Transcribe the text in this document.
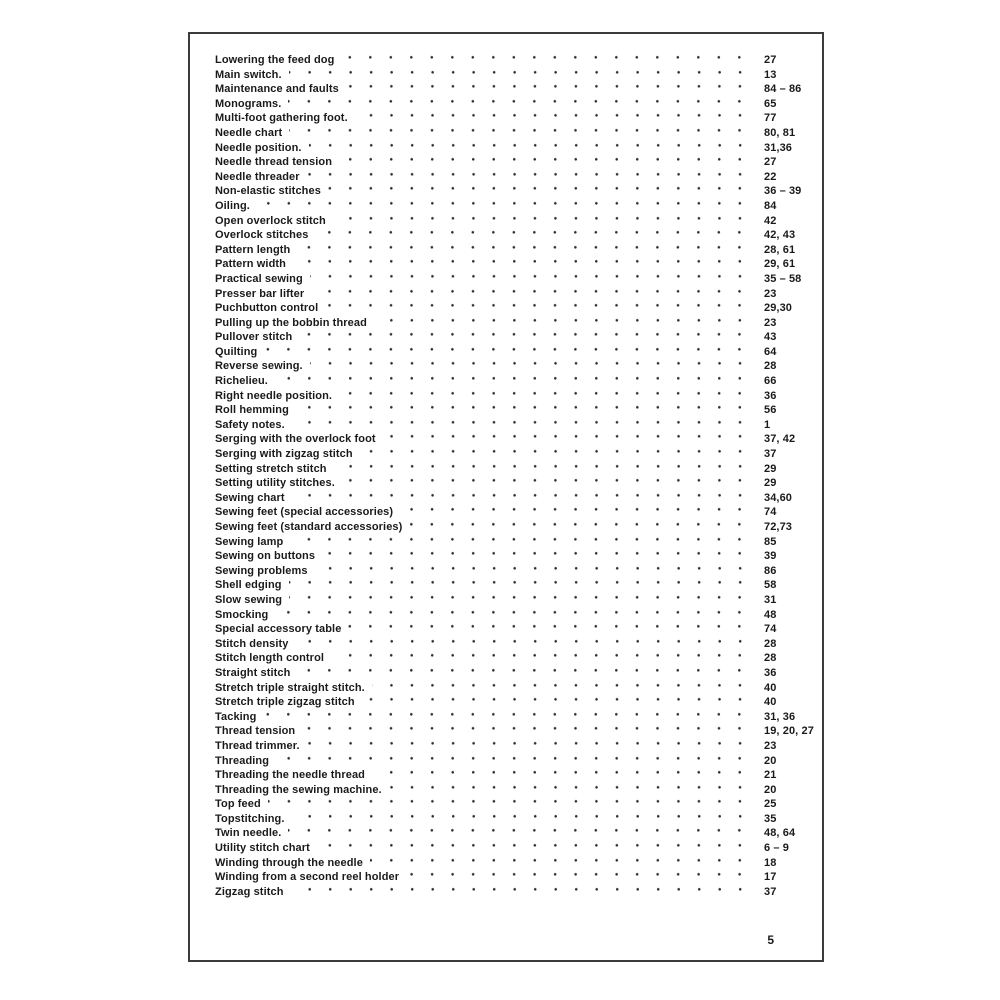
Lowering the feed dog	27
Main switch.	13
Maintenance and faults	84 – 86
Monograms.	65
Multi-foot gathering foot.	77
Needle chart	80, 81
Needle position.	31,36
Needle thread tension	27
Needle threader	22
Non-elastic stitches	36 – 39
Oiling.	84
Open overlock stitch	42
Overlock stitches	42, 43
Pattern length	28, 61
Pattern width	29, 61
Practical sewing	35 – 58
Presser bar lifter	23
Puchbutton control	29,30
Pulling up the bobbin thread	23
Pullover stitch	43
Quilting	64
Reverse sewing.	28
Richelieu.	66
Right needle position.	36
Roll hemming	56
Safety notes.	1
Serging with the overlock foot	37, 42
Serging with zigzag stitch	37
Setting stretch stitch	29
Setting utility stitches.	29
Sewing chart	34,60
Sewing feet (special accessories)	74
Sewing feet (standard accessories)	72,73
Sewing lamp	85
Sewing on buttons	39
Sewing problems	86
Shell edging	58
Slow sewing	31
Smocking	48
Special accessory table	74
Stitch density	28
Stitch length control	28
Straight stitch	36
Stretch triple straight stitch.	40
Stretch triple zigzag stitch	40
Tacking	31, 36
Thread tension	19, 20, 27
Thread trimmer.	23
Threading	20
Threading the needle thread	21
Threading the sewing machine.	20
Top feed	25
Topstitching.	35
Twin needle.	48, 64
Utility stitch chart	6 – 9
Winding through the needle	18
Winding from a second reel holder	17
Zigzag stitch	37
5
